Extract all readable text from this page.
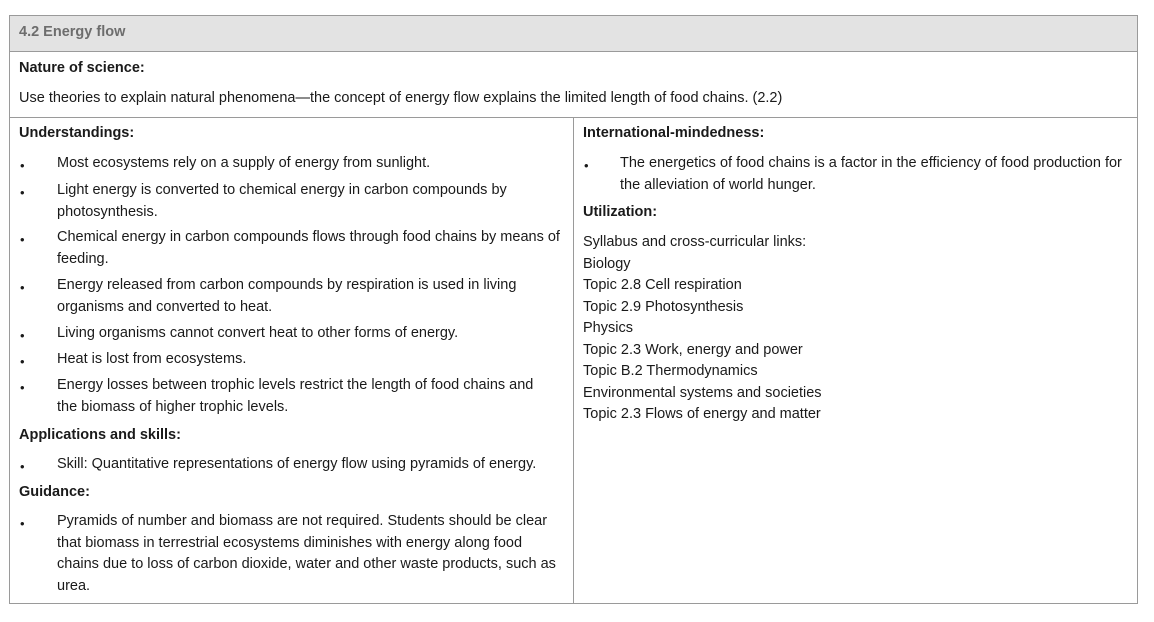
4.2 Energy flow
Nature of science:
Use theories to explain natural phenomena—the concept of energy flow explains the limited length of food chains. (2.2)
Understandings:
• Most ecosystems rely on a supply of energy from sunlight.
• Light energy is converted to chemical energy in carbon compounds by photosynthesis.
• Chemical energy in carbon compounds flows through food chains by means of feeding.
• Energy released from carbon compounds by respiration is used in living organisms and converted to heat.
• Living organisms cannot convert heat to other forms of energy.
• Heat is lost from ecosystems.
• Energy losses between trophic levels restrict the length of food chains and the biomass of higher trophic levels.
Applications and skills:
• Skill: Quantitative representations of energy flow using pyramids of energy.
Guidance:
• Pyramids of number and biomass are not required. Students should be clear that biomass in terrestrial ecosystems diminishes with energy along food chains due to loss of carbon dioxide, water and other waste products, such as urea.
International-mindedness:
• The energetics of food chains is a factor in the efficiency of food production for the alleviation of world hunger.
Utilization:
Syllabus and cross-curricular links:
Biology
Topic 2.8 Cell respiration
Topic 2.9 Photosynthesis
Physics
Topic 2.3 Work, energy and power
Topic B.2 Thermodynamics
Environmental systems and societies
Topic 2.3 Flows of energy and matter
